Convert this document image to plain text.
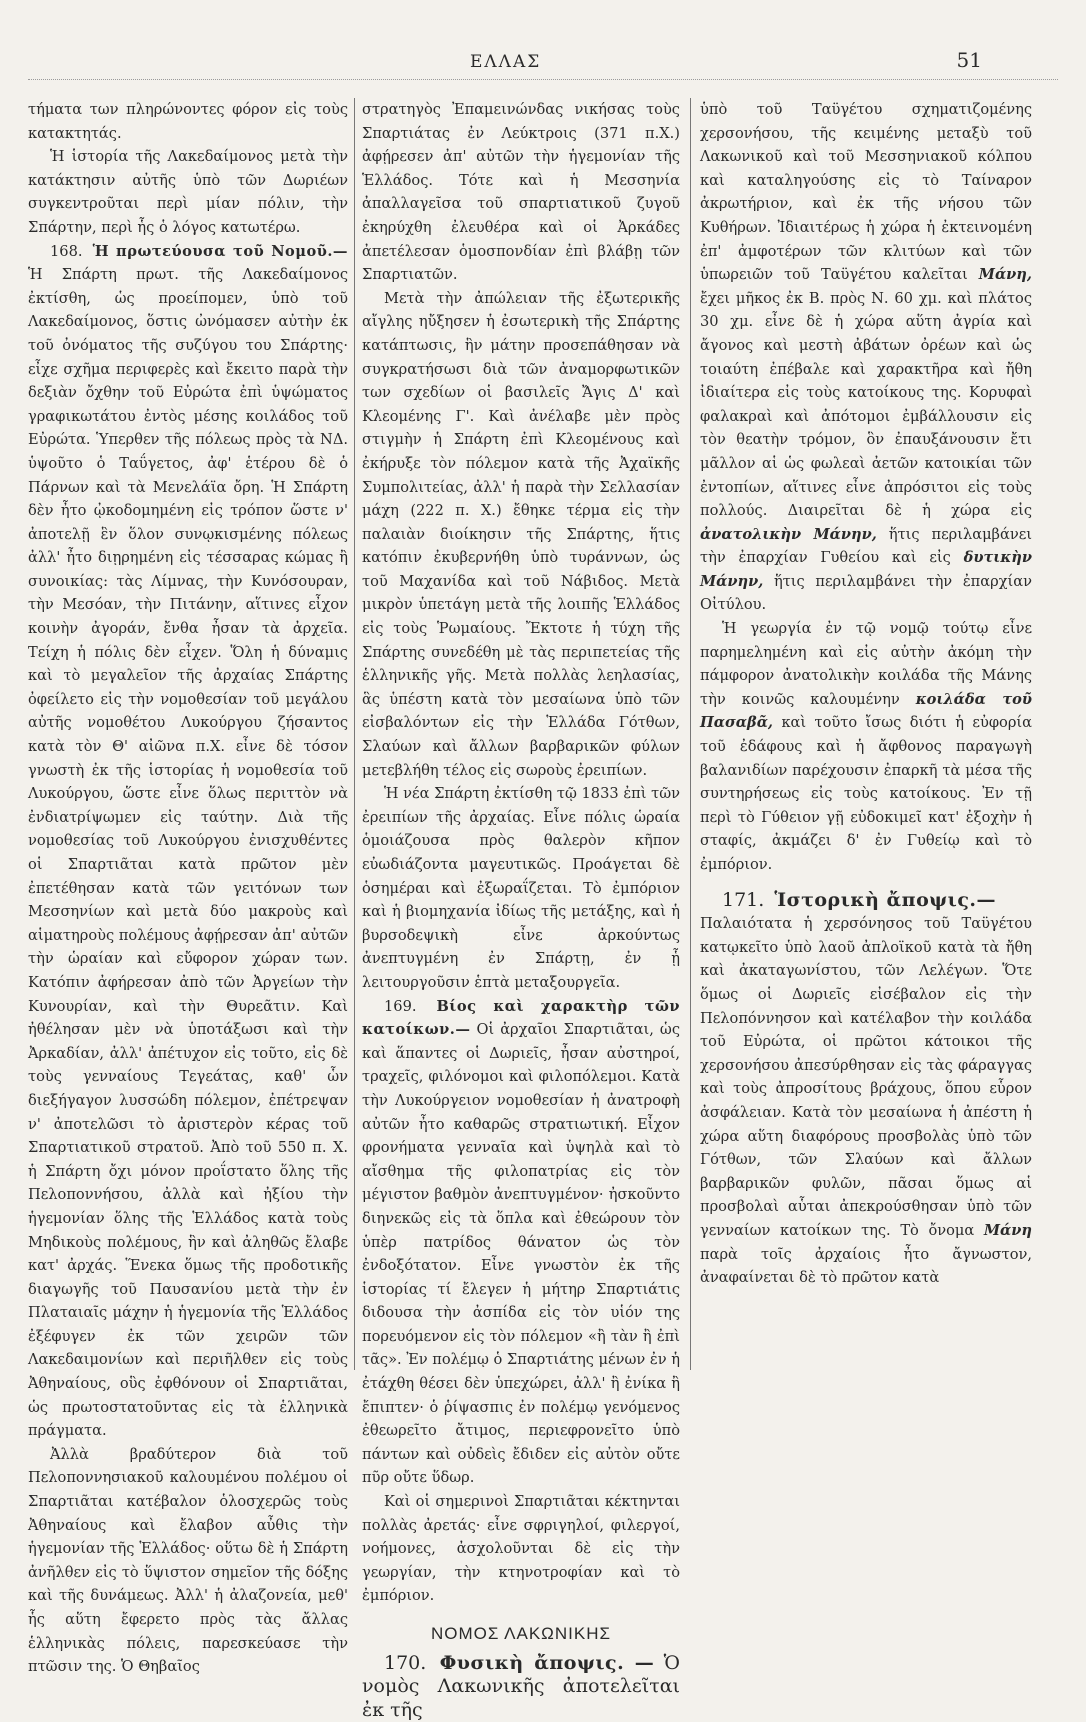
ΕΛΛΑΣ	51

τήματα των πληρώνοντες φόρον εἰς τοὺς κατακτητάς.

Ἡ ἱστορία τῆς Λακεδαίμονος μετὰ τὴν κατάκτησιν αὐτῆς ὑπὸ τῶν Δωριέων συγκεντροῦται περὶ μίαν πόλιν, τὴν Σπάρτην, περὶ ἧς ὁ λόγος κατωτέρω.

168. Ἡ πρωτεύουσα τοῦ Νομοῦ.— Ἡ Σπάρτη πρωτ. τῆς Λακεδαίμονος ἐκτίσθη, ὡς προείπομεν, ὑπὸ τοῦ Λακεδαίμονος, ὅστις ὠνόμασεν αὐτὴν ἐκ τοῦ ὀνόματος τῆς συζύγου του Σπάρτης· εἶχε σχῆμα περιφερὲς καὶ ἔκειτο παρὰ τὴν δεξιὰν ὄχθην τοῦ Εὐρώτα ἐπὶ ὑψώματος γραφικωτάτου ἐντὸς μέσης κοιλάδος τοῦ Εὐρώτα. Ὑπερθεν τῆς πόλεως πρὸς τὰ ΝΔ. ὑψοῦτο ὁ Ταΰγετος, ἀφ' ἑτέρου δὲ ὁ Πάρνων καὶ τὰ Μενελάϊα ὄρη. Ἡ Σπάρτη δὲν ἦτο ᾠκοδομημένη εἰς τρόπον ὥστε ν' ἀποτελῇ ἓν ὅλον συνῳκισμένης πόλεως ἀλλ' ἦτο διῃρημένη εἰς τέσσαρας κώμας ἢ συνοικίας: τὰς Λίμνας, τὴν Κυνόσουραν, τὴν Μεσόαν, τὴν Πιτάνην, αἵτινες εἶχον κοινὴν ἀγοράν, ἔνθα ἦσαν τὰ ἀρχεῖα. Τείχη ἡ πόλις δὲν εἶχεν. Ὅλη ἡ δύναμις καὶ τὸ μεγαλεῖον τῆς ἀρχαίας Σπάρτης ὀφείλετο εἰς τὴν νομοθεσίαν τοῦ μεγάλου αὐτῆς νομοθέτου Λυκούργου ζήσαντος κατὰ τὸν Θ' αἰῶνα π.Χ. εἶνε δὲ τόσον γνωστὴ ἐκ τῆς ἱστορίας ἡ νομοθεσία τοῦ Λυκούργου, ὥστε εἶνε ὅλως περιττὸν νὰ ἐνδιατρίψωμεν εἰς ταύτην. Διὰ τῆς νομοθεσίας τοῦ Λυκούργου ἐνισχυθέντες οἱ Σπαρτιᾶται κατὰ πρῶτον μὲν ἐπετέθησαν κατὰ τῶν γειτόνων των Μεσσηνίων καὶ μετὰ δύο μακροὺς καὶ αἱματηροὺς πολέμους ἀφῄρεσαν ἀπ' αὐτῶν τὴν ὡραίαν καὶ εὔφορον χώραν των. Κατόπιν ἀφήρεσαν ἀπὸ τῶν Ἀργείων τὴν Κυνουρίαν, καὶ τὴν Θυρεᾶτιν. Καὶ ἠθέλησαν μὲν νὰ ὑποτάξωσι καὶ τὴν Ἀρκαδίαν, ἀλλ' ἀπέτυχον εἰς τοῦτο, εἰς δὲ τοὺς γενναίους Τεγεάτας, καθ' ὧν διεξήγαγον λυσσώδη πόλεμον, ἐπέτρεψαν ν' ἀποτελῶσι τὸ ἀριστερὸν κέρας τοῦ Σπαρτιατικοῦ στρατοῦ. Ἀπὸ τοῦ 550 π. Χ. ἡ Σπάρτη ὄχι μόνον προΐστατο ὅλης τῆς Πελοποννήσου, ἀλλὰ καὶ ἠξίου τὴν ἡγεμονίαν ὅλης τῆς Ἑλλάδος κατὰ τοὺς Μηδικοὺς πολέμους, ἣν καὶ ἀληθῶς ἔλαβε κατ' ἀρχάς. Ἕνεκα ὅμως τῆς προδοτικῆς διαγωγῆς τοῦ Παυσανίου μετὰ τὴν ἐν Πλαταιαῖς μάχην ἡ ἡγεμονία τῆς Ἑλλάδος ἐξέφυγεν ἐκ τῶν χειρῶν τῶν Λακεδαιμονίων καὶ περιῆλθεν εἰς τοὺς Ἀθηναίους, οὓς ἐφθόνουν οἱ Σπαρτιᾶται, ὡς πρωτοστατοῦντας εἰς τὰ ἑλληνικὰ πράγματα.

Ἀλλὰ βραδύτερον διὰ τοῦ Πελοποννησιακοῦ καλουμένου πολέμου οἱ Σπαρτιᾶται κατέβαλον ὁλοσχερῶς τοὺς Ἀθηναίους καὶ ἔλαβον αὖθις τὴν ἡγεμονίαν τῆς Ἑλλάδος· οὕτω δὲ ἡ Σπάρτη ἀνῆλθεν εἰς τὸ ὕψιστον σημεῖον τῆς δόξης καὶ τῆς δυνάμεως. Ἀλλ' ἡ ἀλαζονεία, μεθ' ἧς αὕτη ἔφερετο πρὸς τὰς ἄλλας ἑλληνικὰς πόλεις, παρεσκεύασε τὴν πτῶσιν της. Ὁ Θηβαῖος

στρατηγὸς Ἐπαμεινώνδας νικήσας τοὺς Σπαρτιάτας ἐν Λεύκτροις (371 π.Χ.) ἀφῄρεσεν ἀπ' αὐτῶν τὴν ἡγεμονίαν τῆς Ἑλλάδος. Τότε καὶ ἡ Μεσσηνία ἀπαλλαγεῖσα τοῦ σπαρτιατικοῦ ζυγοῦ ἐκηρύχθη ἐλευθέρα καὶ οἱ Ἀρκάδες ἀπετέλεσαν ὁμοσπονδίαν ἐπὶ βλάβῃ τῶν Σπαρτιατῶν.

Μετὰ τὴν ἀπώλειαν τῆς ἐξωτερικῆς αἴγλης ηὔξησεν ἡ ἐσωτερικὴ τῆς Σπάρτης κατάπτωσις, ἣν μάτην προσεπάθησαν νὰ συγκρατήσωσι διὰ τῶν ἀναμορφωτικῶν των σχεδίων οἱ βασιλεῖς Ἄγις Δ' καὶ Κλεομένης Γ'. Καὶ ἀνέλαβε μὲν πρὸς στιγμὴν ἡ Σπάρτη ἐπὶ Κλεομένους καὶ ἐκήρυξε τὸν πόλεμον κατὰ τῆς Ἀχαϊκῆς Συμπολιτείας, ἀλλ' ἡ παρὰ τὴν Σελλασίαν μάχη (222 π. Χ.) ἔθηκε τέρμα εἰς τὴν παλαιὰν διοίκησιν τῆς Σπάρτης, ἥτις κατόπιν ἐκυβερνήθη ὑπὸ τυράννων, ὡς τοῦ Μαχανίδα καὶ τοῦ Νάβιδος. Μετὰ μικρὸν ὑπετάγη μετὰ τῆς λοιπῆς Ἑλλάδος εἰς τοὺς Ῥωμαίους. Ἔκτοτε ἡ τύχη τῆς Σπάρτης συνεδέθη μὲ τὰς περιπετείας τῆς ἑλληνικῆς γῆς. Μετὰ πολλὰς λεηλασίας, ἃς ὑπέστη κατὰ τὸν μεσαίωνα ὑπὸ τῶν εἰσβαλόντων εἰς τὴν Ἑλλάδα Γότθων, Σλαύων καὶ ἄλλων βαρβαρικῶν φύλων μετεβλήθη τέλος εἰς σωροὺς ἐρειπίων.

Ἡ νέα Σπάρτη ἐκτίσθη τῷ 1833 ἐπὶ τῶν ἐρειπίων τῆς ἀρχαίας. Εἶνε πόλις ὡραία ὁμοιάζουσα πρὸς θαλερὸν κῆπον εὐωδιάζοντα μαγευτικῶς. Προάγεται δὲ ὁσημέραι καὶ ἐξωραΐζεται. Τὸ ἐμπόριον καὶ ἡ βιομηχανία ἰδίως τῆς μετάξης, καὶ ἡ βυρσοδεψικὴ εἶνε ἀρκούντως ἀνεπτυγμένη ἐν Σπάρτῃ, ἐν ᾗ λειτουργοῦσιν ἑπτὰ μεταξουργεῖα.

169. Βίος καὶ χαρακτὴρ τῶν κατοίκων.— Οἱ ἀρχαῖοι Σπαρτιᾶται, ὡς καὶ ἅπαντες οἱ Δωριεῖς, ἦσαν αὐστηροί, τραχεῖς, φιλόνομοι καὶ φιλοπόλεμοι. Κατὰ τὴν Λυκούργειον νομοθεσίαν ἡ ἀνατροφὴ αὐτῶν ἦτο καθαρῶς στρατιωτική. Εἶχον φρονήματα γενναῖα καὶ ὑψηλὰ καὶ τὸ αἴσθημα τῆς φιλοπατρίας εἰς τὸν μέγιστον βαθμὸν ἀνεπτυγμένον· ἠσκοῦντο διηνεκῶς εἰς τὰ ὅπλα καὶ ἐθεώρουν τὸν ὑπὲρ πατρίδος θάνατον ὡς τὸν ἐνδοξότατον. Εἶνε γνωστὸν ἐκ τῆς ἱστορίας τί ἔλεγεν ἡ μήτηρ Σπαρτιάτις διδουσα τὴν ἀσπίδα εἰς τὸν υἱόν της πορευόμενον εἰς τὸν πόλεμον «ἢ τὰν ἢ ἐπὶ τᾶς». Ἐν πολέμῳ ὁ Σπαρτιάτης μένων ἐν ἡ ἐτάχθη θέσει δὲν ὑπεχώρει, ἀλλ' ἢ ἐνίκα ἢ ἔπιπτεν· ὁ ῥίψασπις ἐν πολέμῳ γενόμενος ἐθεωρεῖτο ἄτιμος, περιεφρονεῖτο ὑπὸ πάντων καὶ οὐδεὶς ἔδιδεν εἰς αὐτὸν οὔτε πῦρ οὔτε ὕδωρ.

Καὶ οἱ σημερινοὶ Σπαρτιᾶται κέκτηνται πολλὰς ἀρετάς· εἶνε σφριγηλοί, φιλεργοί, νοήμονες, ἀσχολοῦνται δὲ εἰς τὴν γεωργίαν, τὴν κτηνοτροφίαν καὶ τὸ ἐμπόριον.

ΝΟΜΟΣ ΛΑΚΩΝΙΚΗΣ

170. Φυσικὴ ἄποψις. — Ὁ νομὸς Λακωνικῆς ἀποτελεῖται ἐκ τῆς

ὑπὸ τοῦ Ταϋγέτου σχηματιζομένης χερσονήσου, τῆς κειμένης μεταξὺ τοῦ Λακωνικοῦ καὶ τοῦ Μεσσηνιακοῦ κόλπου καὶ καταληγούσης εἰς τὸ Ταίναρον ἀκρωτήριον, καὶ ἐκ τῆς νήσου τῶν Κυθήρων. Ἰδιαιτέρως ἡ χώρα ἡ ἐκτεινομένη ἐπ' ἀμφοτέρων τῶν κλιτύων καὶ τῶν ὑπωρειῶν τοῦ Ταϋγέτου καλεῖται Μάνη, ἔχει μῆκος ἐκ Β. πρὸς Ν. 60 χμ. καὶ πλάτος 30 χμ. εἶνε δὲ ἡ χώρα αὕτη ἀγρία καὶ ἄγονος καὶ μεστὴ ἀβάτων ὀρέων καὶ ὡς τοιαύτη ἐπέβαλε καὶ χαρακτῆρα καὶ ἤθη ἰδιαίτερα εἰς τοὺς κατοίκους της. Κορυφαὶ φαλακραὶ καὶ ἀπότομοι ἐμβάλλουσιν εἰς τὸν θεατὴν τρόμον, ὃν ἐπαυξάνουσιν ἔτι μᾶλλον αἱ ὡς φωλεαὶ ἀετῶν κατοικίαι τῶν ἐντοπίων, αἵτινες εἶνε ἀπρόσιτοι εἰς τοὺς πολλούς. Διαιρεῖται δὲ ἡ χώρα εἰς ἀνατολικὴν Μάνην, ἥτις περιλαμβάνει τὴν ἐπαρχίαν Γυθείου καὶ εἰς δυτικὴν Μάνην, ἥτις περιλαμβάνει τὴν ἐπαρχίαν Οἰτύλου.

Ἡ γεωργία ἐν τῷ νομῷ τούτῳ εἶνε παρημελημένη καὶ εἰς αὐτὴν ἀκόμη τὴν πάμφορον ἀνατολικὴν κοιλάδα τῆς Μάνης τὴν κοινῶς καλουμένην κοιλάδα τοῦ Πασαβᾶ, καὶ τοῦτο ἴσως διότι ἡ εὐφορία τοῦ ἐδάφους καὶ ἡ ἄφθονος παραγωγὴ βαλανιδίων παρέχουσιν ἐπαρκῆ τὰ μέσα τῆς συντηρήσεως εἰς τοὺς κατοίκους. Ἐν τῇ περὶ τὸ Γύθειον γῇ εὐδοκιμεῖ κατ' ἐξοχὴν ἡ σταφίς, ἀκμάζει δ' ἐν Γυθείῳ καὶ τὸ ἐμπόριον.

171. Ἱστορικὴ ἄποψις.—

Παλαιότατα ἡ χερσόνησος τοῦ Ταϋγέτου κατῳκεῖτο ὑπὸ λαοῦ ἀπλοϊκοῦ κατὰ τὰ ἤθη καὶ ἀκαταγωνίστου, τῶν Λελέγων. Ὅτε ὅμως οἱ Δωριεῖς εἰσέβαλον εἰς τὴν Πελοπόννησον καὶ κατέλαβον τὴν κοιλάδα τοῦ Εὐρώτα, οἱ πρῶτοι κάτοικοι τῆς χερσονήσου ἀπεσύρθησαν εἰς τὰς φάραγγας καὶ τοὺς ἀπροσίτους βράχους, ὅπου εὗρον ἀσφάλειαν. Κατὰ τὸν μεσαίωνα ἡ ἀπέστη ἡ χώρα αὕτη διαφόρους προσβολὰς ὑπὸ τῶν Γότθων, τῶν Σλαύων καὶ ἄλλων βαρβαρικῶν φυλῶν, πᾶσαι ὅμως αἱ προσβολαὶ αὗται ἀπεκρούσθησαν ὑπὸ τῶν γενναίων κατοίκων της. Τὸ ὄνομα Μάνη παρὰ τοῖς ἀρχαίοις ἦτο ἄγνωστον, ἀναφαίνεται δὲ τὸ πρῶτον κατὰ
